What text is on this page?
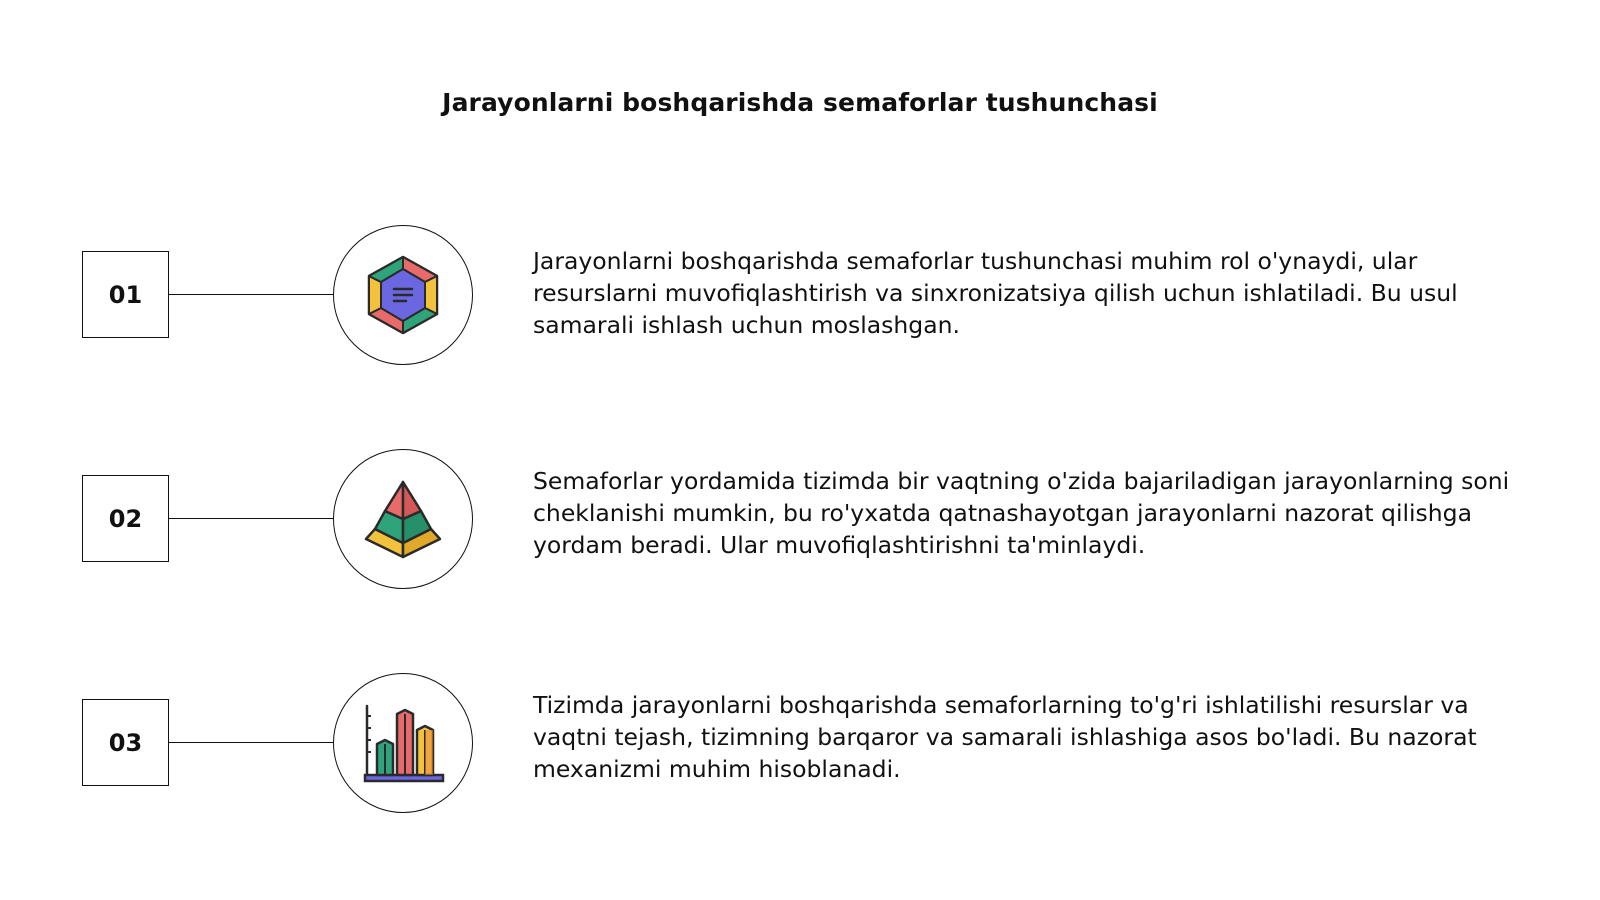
Jarayonlarni boshqarishda semaforlar tushunchasi
01
Jarayonlarni boshqarishda semaforlar tushunchasi muhim rol o'ynaydi, ular resurslarni muvofiqlashtirish va sinxronizatsiya qilish uchun ishlatiladi. Bu usul samarali ishlash uchun moslashgan.
02
Semaforlar yordamida tizimda bir vaqtning o'zida bajariladigan jarayonlarning soni cheklanishi mumkin, bu ro'yxatda qatnashayotgan jarayonlarni nazorat qilishga yordam beradi. Ular muvofiqlashtirishni ta'minlaydi.
03
Tizimda jarayonlarni boshqarishda semaforlarning to'g'ri ishlatilishi resurslar va vaqtni tejash, tizimning barqaror va samarali ishlashiga asos bo'ladi. Bu nazorat mexanizmi muhim hisoblanadi.
